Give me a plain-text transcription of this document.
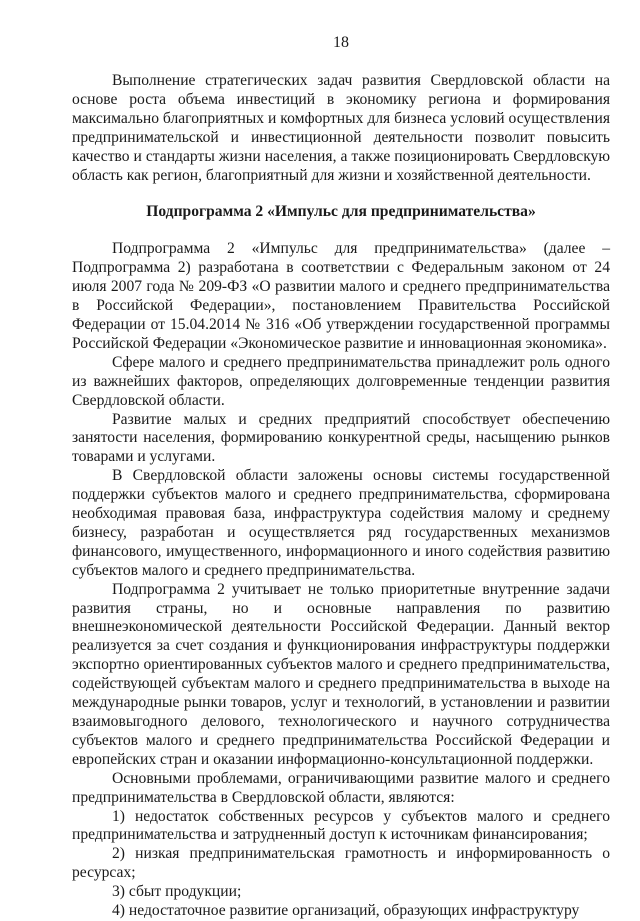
18

Выполнение стратегических задач развития Свердловской области на основе роста объема инвестиций в экономику региона и формирования максимально благоприятных и комфортных для бизнеса условий осуществления предпринимательской и инвестиционной деятельности позволит повысить качество и стандарты жизни населения, а также позиционировать Свердловскую область как регион, благоприятный для жизни и хозяйственной деятельности.

Подпрограмма 2 «Импульс для предпринимательства»

Подпрограмма 2 «Импульс для предпринимательства» (далее – Подпрограмма 2) разработана в соответствии с Федеральным законом от 24 июля 2007 года № 209-ФЗ «О развитии малого и среднего предпринимательства в Российской Федерации», постановлением Правительства Российской Федерации от 15.04.2014 № 316 «Об утверждении государственной программы Российской Федерации «Экономическое развитие и инновационная экономика».

Сфере малого и среднего предпринимательства принадлежит роль одного из важнейших факторов, определяющих долговременные тенденции развития Свердловской области.

Развитие малых и средних предприятий способствует обеспечению занятости населения, формированию конкурентной среды, насыщению рынков товарами и услугами.

В Свердловской области заложены основы системы государственной поддержки субъектов малого и среднего предпринимательства, сформирована необходимая правовая база, инфраструктура содействия малому и среднему бизнесу, разработан и осуществляется ряд государственных механизмов финансового, имущественного, информационного и иного содействия развитию субъектов малого и среднего предпринимательства.

Подпрограмма 2 учитывает не только приоритетные внутренние задачи развития страны, но и основные направления по развитию внешнеэкономической деятельности Российской Федерации. Данный вектор реализуется за счет создания и функционирования инфраструктуры поддержки экспортно ориентированных субъектов малого и среднего предпринимательства, содействующей субъектам малого и среднего предпринимательства в выходе на международные рынки товаров, услуг и технологий, в установлении и развитии взаимовыгодного делового, технологического и научного сотрудничества субъектов малого и среднего предпринимательства Российской Федерации и европейских стран и оказании информационно-консультационной поддержки.

Основными проблемами, ограничивающими развитие малого и среднего предпринимательства в Свердловской области, являются:

1) недостаток собственных ресурсов у субъектов малого и среднего предпринимательства и затрудненный доступ к источникам финансирования;

2) низкая предпринимательская грамотность и информированность о ресурсах;

3) сбыт продукции;

4) недостаточное развитие организаций, образующих инфраструктуру
